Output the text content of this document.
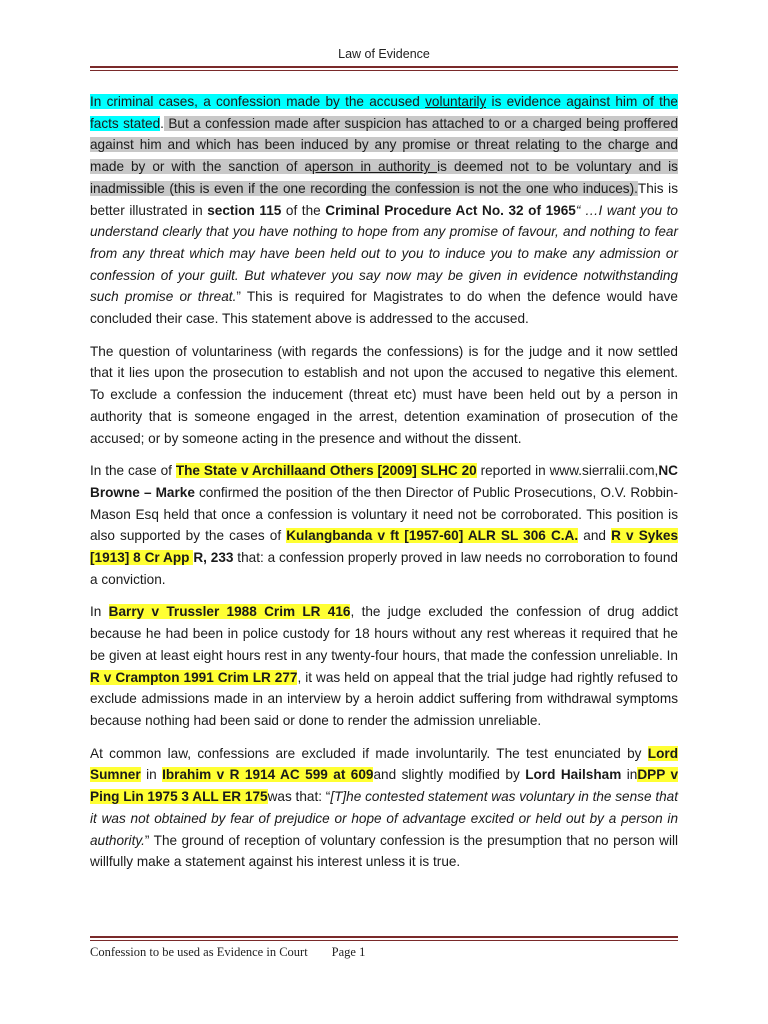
Law of Evidence

In criminal cases, a confession made by the accused voluntarily is evidence against him of the facts stated. But a confession made after suspicion has attached to or a charged being proffered against him and which has been induced by any promise or threat relating to the charge and made by or with the sanction of aperson in authority is deemed not to be voluntary and is inadmissible (this is even if the one recording the confession is not the one who induces).This is better illustrated in section 115 of the Criminal Procedure Act No. 32 of 1965“ …I want you to understand clearly that you have nothing to hope from any promise of favour, and nothing to fear from any threat which may have been held out to you to induce you to make any admission or confession of your guilt. But whatever you say now may be given in evidence notwithstanding such promise or threat.” This is required for Magistrates to do when the defence would have concluded their case. This statement above is addressed to the accused.

The question of voluntariness (with regards the confessions) is for the judge and it now settled that it lies upon the prosecution to establish and not upon the accused to negative this element. To exclude a confession the inducement (threat etc) must have been held out by a person in authority that is someone engaged in the arrest, detention examination of prosecution of the accused; or by someone acting in the presence and without the dissent.

In the case of The State v Archillaand Others [2009] SLHC 20 reported in www.sierralii.com,NC Browne – Marke confirmed the position of the then Director of Public Prosecutions, O.V. Robbin-Mason Esq held that once a confession is voluntary it need not be corroborated. This position is also supported by the cases of Kulangbanda v ft [1957-60] ALR SL 306 C.A. and R v Sykes [1913] 8 Cr App R, 233 that: a confession properly proved in law needs no corroboration to found a conviction.

In Barry v Trussler 1988 Crim LR 416, the judge excluded the confession of drug addict because he had been in police custody for 18 hours without any rest whereas it required that he be given at least eight hours rest in any twenty-four hours, that made the confession unreliable. In R v Crampton 1991 Crim LR 277, it was held on appeal that the trial judge had rightly refused to exclude admissions made in an interview by a heroin addict suffering from withdrawal symptoms because nothing had been said or done to render the admission unreliable.

At common law, confessions are excluded if made involuntarily. The test enunciated by Lord Sumner in Ibrahim v R 1914 AC 599 at 609and slightly modified by Lord Hailsham inDPP v Ping Lin 1975 3 ALL ER 175was that: “[T]he contested statement was voluntary in the sense that it was not obtained by fear of prejudice or hope of advantage excited or held out by a person in authority.” The ground of reception of voluntary confession is the presumption that no person will willfully make a statement against his interest unless it is true.

Confession to be used as Evidence in Court Page 1
